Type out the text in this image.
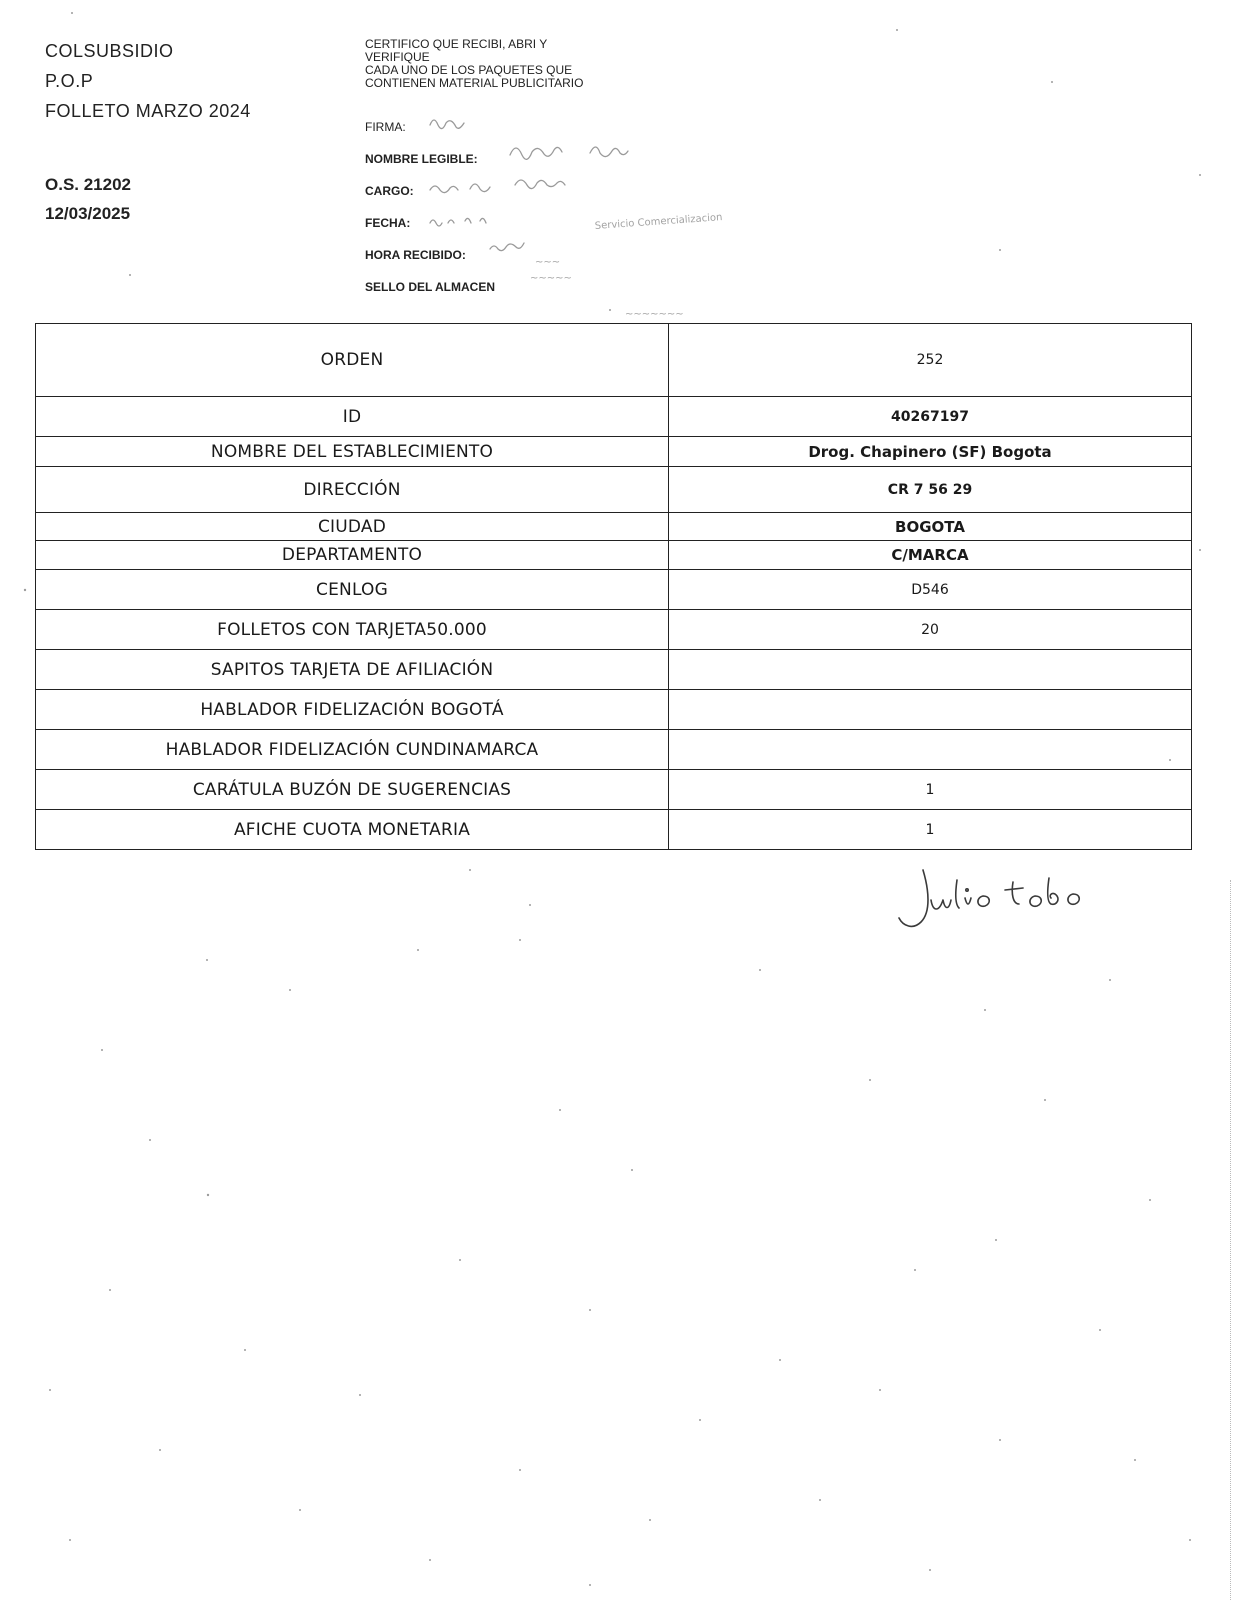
COLSUBSIDIO
P.O.P
FOLLETO MARZO 2024
O.S. 21202
12/03/2025
CERTIFICO QUE RECIBI, ABRI Y
VERIFIQUE
CADA UNO DE LOS PAQUETES QUE
CONTIENEN MATERIAL PUBLICITARIO
FIRMA:
NOMBRE LEGIBLE:
CARGO:
FECHA:
HORA RECIBIDO:
SELLO DEL ALMACEN
Servicio Comercializacion
~~~
~~~~~
~~~~~~~
ORDEN	252
ID	40267197
NOMBRE DEL ESTABLECIMIENTO	Drog. Chapinero (SF) Bogota
DIRECCIÓN	CR 7 56 29
CIUDAD	BOGOTA
DEPARTAMENTO	C/MARCA
CENLOG	D546
FOLLETOS CON TARJETA50.000	20
SAPITOS TARJETA DE AFILIACIÓN	
HABLADOR FIDELIZACIÓN BOGOTÁ	
HABLADOR FIDELIZACIÓN CUNDINAMARCA	
CARÁTULA BUZÓN DE SUGERENCIAS	1
AFICHE CUOTA MONETARIA	1
